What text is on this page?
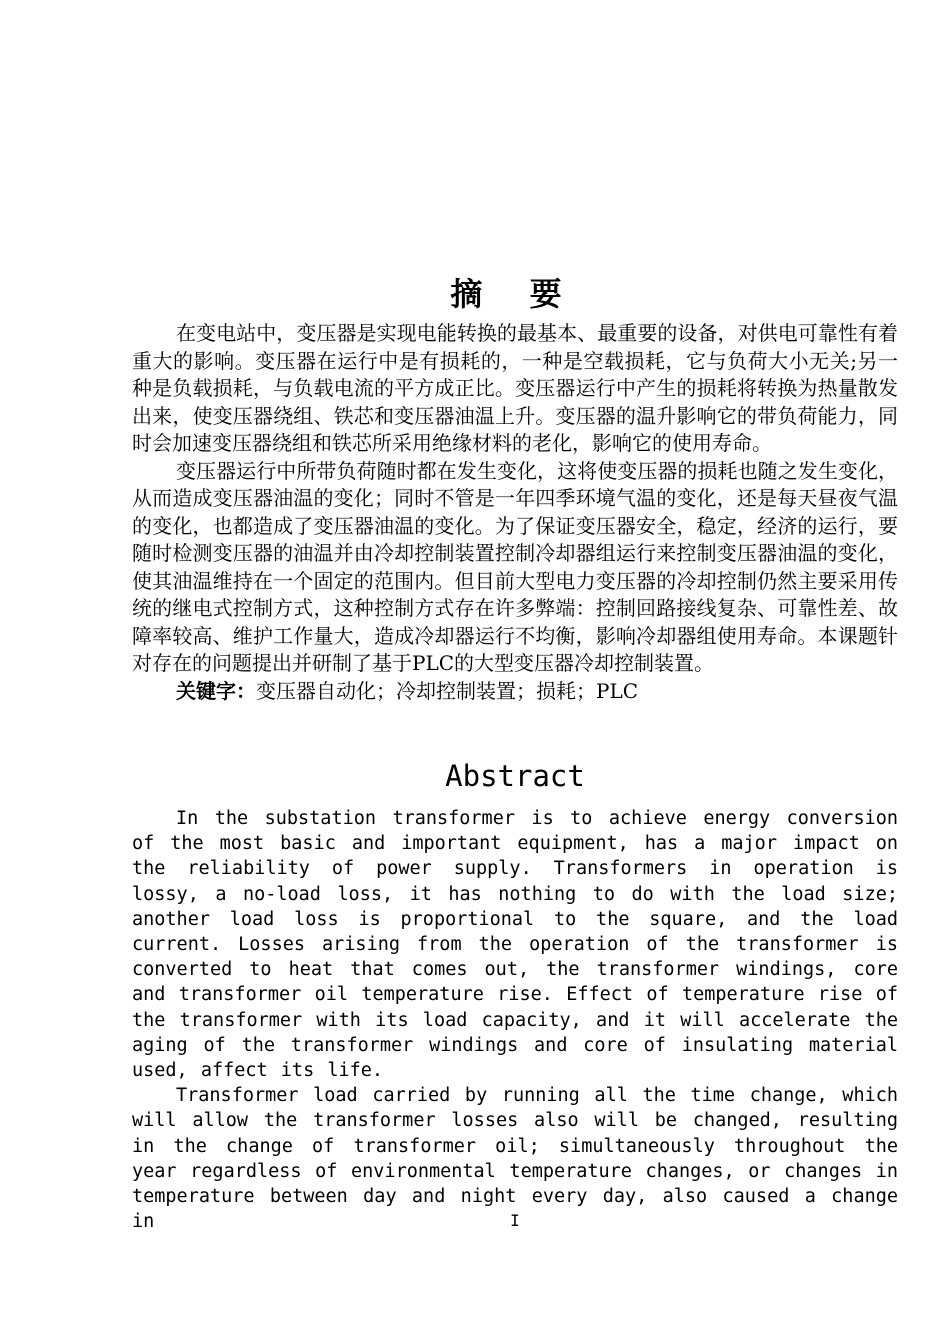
摘 要

在变电站中，变压器是实现电能转换的最基本、最重要的设备，对供电可靠性有着重大的影响。变压器在运行中是有损耗的，一种是空载损耗，它与负荷大小无关;另一种是负载损耗，与负载电流的平方成正比。变压器运行中产生的损耗将转换为热量散发出来，使变压器绕组、铁芯和变压器油温上升。变压器的温升影响它的带负荷能力，同时会加速变压器绕组和铁芯所采用绝缘材料的老化，影响它的使用寿命。

变压器运行中所带负荷随时都在发生变化，这将使变压器的损耗也随之发生变化，从而造成变压器油温的变化；同时不管是一年四季环境气温的变化，还是每天昼夜气温的变化，也都造成了变压器油温的变化。为了保证变压器安全，稳定，经济的运行，要随时检测变压器的油温并由冷却控制装置控制冷却器组运行来控制变压器油温的变化，使其油温维持在一个固定的范围内。但目前大型电力变压器的冷却控制仍然主要采用传统的继电式控制方式，这种控制方式存在许多弊端：控制回路接线复杂、可靠性差、故障率较高、维护工作量大，造成冷却器运行不均衡，影响冷却器组使用寿命。本课题针对存在的问题提出并研制了基于PLC的大型变压器冷却控制装置。

关键字：变压器自动化；冷却控制装置；损耗；PLC

Abstract

In the substation transformer is to achieve energy conversion of the most basic and important equipment, has a major impact on the reliability of power supply. Transformers in operation is lossy, a no-load loss, it has nothing to do with the load size; another load loss is proportional to the square, and the load current. Losses arising from the operation of the transformer is converted to heat that comes out, the transformer windings, core and transformer oil temperature rise. Effect of temperature rise of the transformer with its load capacity, and it will accelerate the aging of the transformer windings and core of insulating material used, affect its life.

Transformer load carried by running all the time change, which will allow the transformer losses also will be changed, resulting in the change of transformer oil; simultaneously throughout the year regardless of environmental temperature changes, or changes in temperature between day and night every day, also caused a change in	I
